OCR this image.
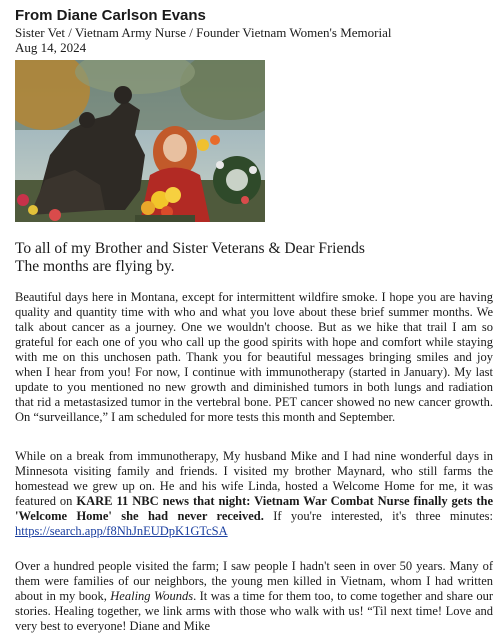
From Diane Carlson Evans

Sister Vet / Vietnam Army Nurse / Founder Vietnam Women's Memorial

Aug 14, 2024

To all of my Brother and Sister Veterans & Dear Friends
The months are flying by.

Beautiful days here in Montana, except for intermittent wildfire smoke. I hope you are having quality and quantity time with who and what you love about these brief summer months. We talk about cancer as a journey. One we wouldn't choose. But as we hike that trail I am so grateful for each one of you who call up the good spirits with hope and comfort while staying with me on this unchosen path. Thank you for beautiful messages bringing smiles and joy when I hear from you! For now, I continue with immunotherapy (started in January). My last update to you mentioned no new growth and diminished tumors in both lungs and radiation that rid a metastasized tumor in the vertebral bone. PET cancer showed no new cancer growth. On “surveillance,” I am scheduled for more tests this month and September.

While on a break from immunotherapy, My husband Mike and I had nine wonderful days in Minnesota visiting family and friends. I visited my brother Maynard, who still farms the homestead we grew up on. He and his wife Linda, hosted a Welcome Home for me, it was featured on KARE 11 NBC news that night: Vietnam War Combat Nurse finally gets the 'Welcome Home' she had never received. If you're interested, it's three minutes: https://search.app/f8NhJnEUDpK1GTcSA

Over a hundred people visited the farm; I saw people I hadn't seen in over 50 years. Many of them were families of our neighbors, the young men killed in Vietnam, whom I had written about in my book, Healing Wounds. It was a time for them too, to come together and share our stories. Healing together, we link arms with those who walk with us! “Til next time! Love and very best to everyone! Diane and Mike
